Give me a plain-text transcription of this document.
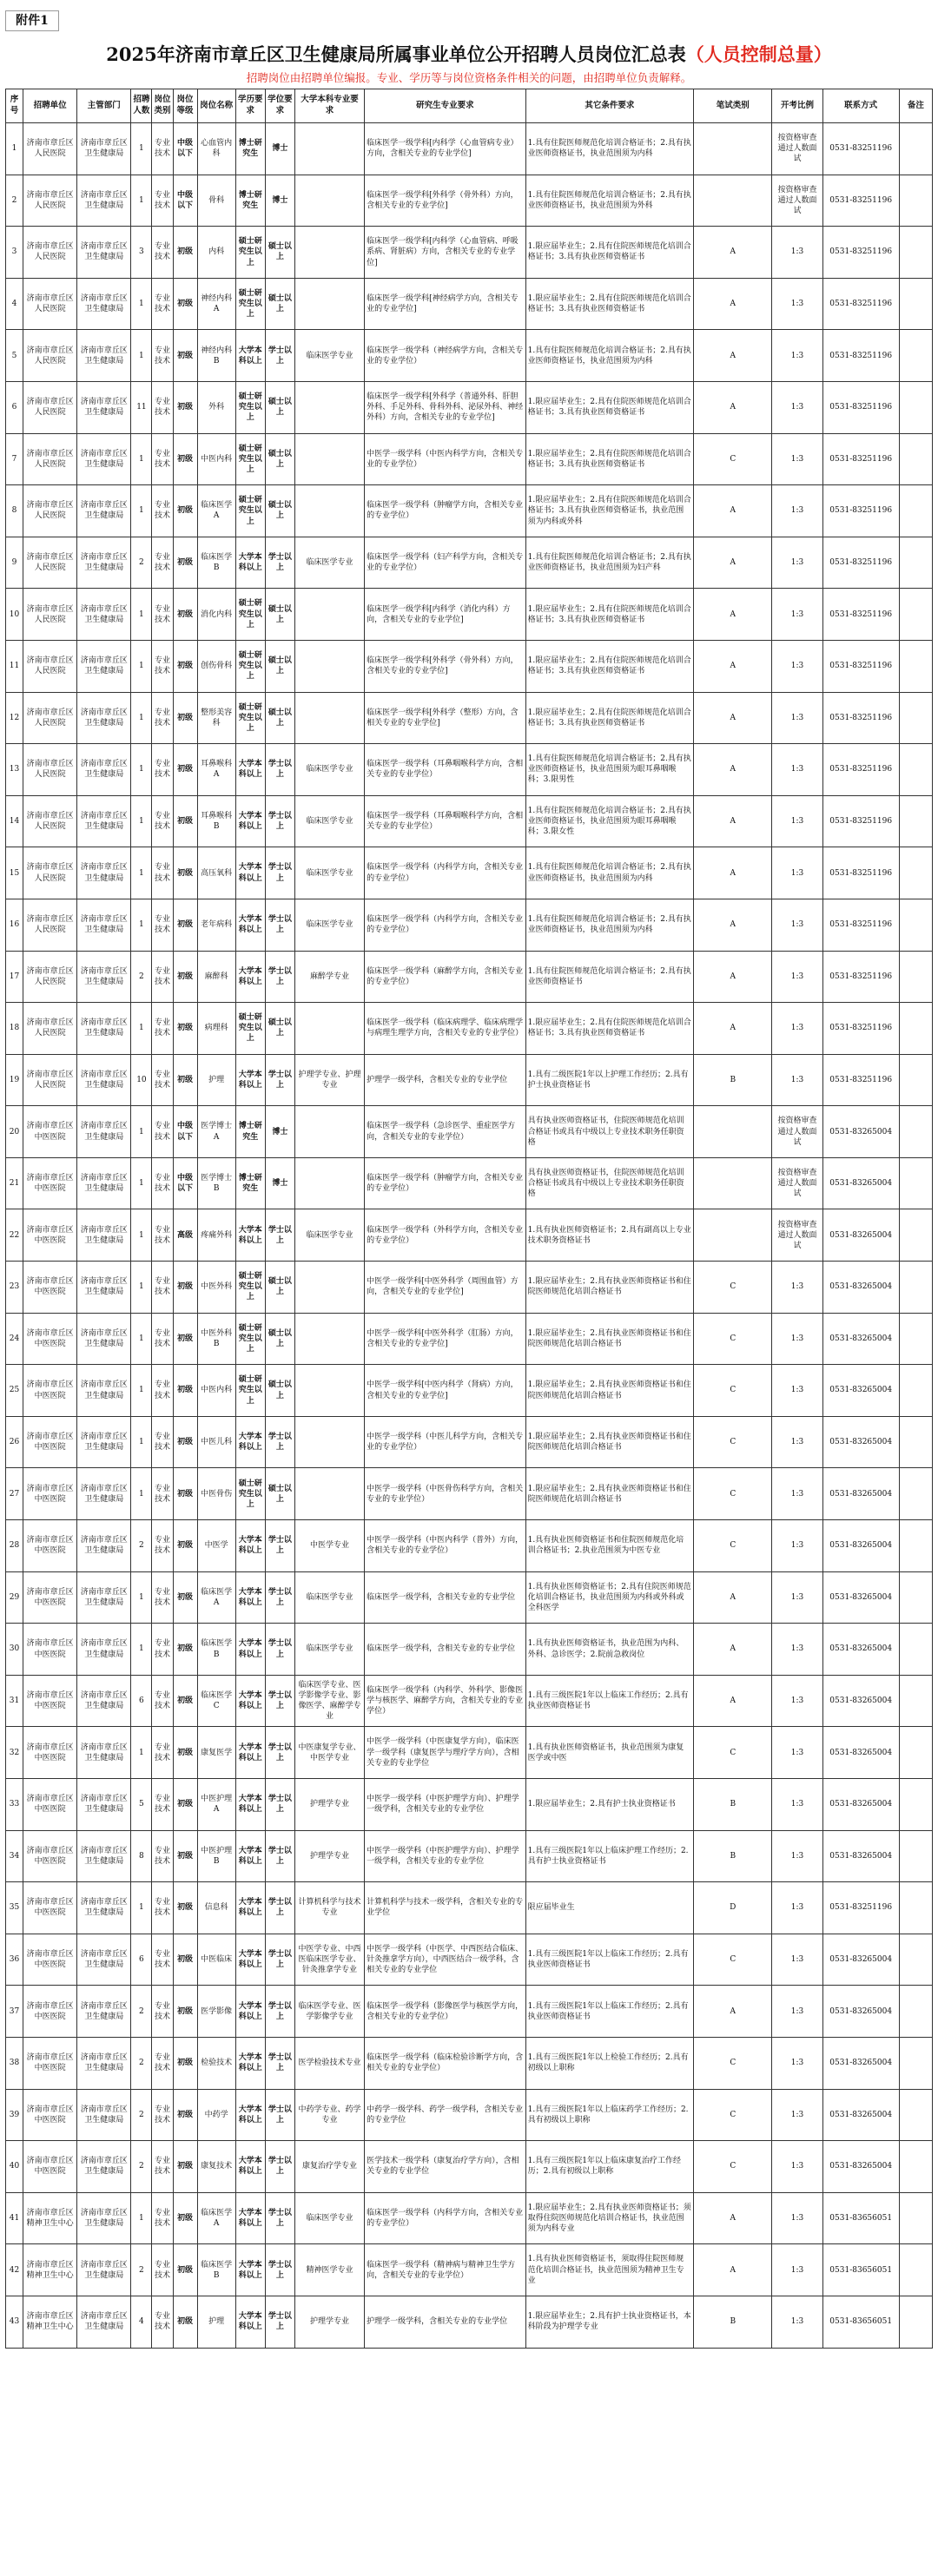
附件1
2025年济南市章丘区卫生健康局所属事业单位公开招聘人员岗位汇总表（人员控制总量）
招聘岗位由招聘单位编报。专业、学历等与岗位资格条件相关的问题，由招聘单位负责解释。
序号	招聘单位	主管部门	招聘人数	岗位类别	岗位等级	岗位名称	学历要求	学位要求	大学本科专业要求	研究生专业要求	其它条件要求	笔试类别	开考比例	联系方式	备注
1	济南市章丘区人民医院	济南市章丘区卫生健康局	1	专业技术	中级以下	心血管内科	博士研究生	博士		临床医学一级学科[内科学（心血管病专业）方向，含相关专业的专业学位]	1.具有住院医师规范化培训合格证书；2.具有执业医师资格证书，执业范围须为内科		按资格审查通过人数面试	0531-83251196	
2	济南市章丘区人民医院	济南市章丘区卫生健康局	1	专业技术	中级以下	骨科	博士研究生	博士		临床医学一级学科[外科学（骨外科）方向，含相关专业的专业学位]	1.具有住院医师规范化培训合格证书；2.具有执业医师资格证书，执业范围须为外科		按资格审查通过人数面试	0531-83251196	
3	济南市章丘区人民医院	济南市章丘区卫生健康局	3	专业技术	初级	内科	硕士研究生以上	硕士以上		临床医学一级学科[内科学（心血管病、呼吸系病、肾脏病）方向，含相关专业的专业学位]	1.限应届毕业生；2.具有住院医师规范化培训合格证书；3.具有执业医师资格证书	A	1:3	0531-83251196	
4	济南市章丘区人民医院	济南市章丘区卫生健康局	1	专业技术	初级	神经内科A	硕士研究生以上	硕士以上		临床医学一级学科[神经病学方向，含相关专业的专业学位]	1.限应届毕业生；2.具有住院医师规范化培训合格证书；3.具有执业医师资格证书	A	1:3	0531-83251196	
5	济南市章丘区人民医院	济南市章丘区卫生健康局	1	专业技术	初级	神经内科B	大学本科以上	学士以上	临床医学专业	临床医学一级学科（神经病学方向，含相关专业的专业学位）	1.具有住院医师规范化培训合格证书；2.具有执业医师资格证书，执业范围须为内科	A	1:3	0531-83251196	
6	济南市章丘区人民医院	济南市章丘区卫生健康局	11	专业技术	初级	外科	硕士研究生以上	硕士以上		临床医学一级学科[外科学（普通外科、肝胆外科、手足外科、骨科外科、泌尿外科、神经外科）方向，含相关专业的专业学位]	1.限应届毕业生；2.具有住院医师规范化培训合格证书；3.具有执业医师资格证书	A	1:3	0531-83251196	
7	济南市章丘区人民医院	济南市章丘区卫生健康局	1	专业技术	初级	中医内科	硕士研究生以上	硕士以上		中医学一级学科（中医内科学方向，含相关专业的专业学位）	1.限应届毕业生；2.具有住院医师规范化培训合格证书；3.具有执业医师资格证书	C	1:3	0531-83251196	
8	济南市章丘区人民医院	济南市章丘区卫生健康局	1	专业技术	初级	临床医学A	硕士研究生以上	硕士以上		临床医学一级学科（肿瘤学方向，含相关专业的专业学位）	1.限应届毕业生；2.具有住院医师规范化培训合格证书；3.具有执业医师资格证书，执业范围须为内科或外科	A	1:3	0531-83251196	
9	济南市章丘区人民医院	济南市章丘区卫生健康局	2	专业技术	初级	临床医学B	大学本科以上	学士以上	临床医学专业	临床医学一级学科（妇产科学方向，含相关专业的专业学位）	1.具有住院医师规范化培训合格证书；2.具有执业医师资格证书，执业范围须为妇产科	A	1:3	0531-83251196	
10	济南市章丘区人民医院	济南市章丘区卫生健康局	1	专业技术	初级	消化内科	硕士研究生以上	硕士以上		临床医学一级学科[内科学（消化内科）方向，含相关专业的专业学位]	1.限应届毕业生；2.具有住院医师规范化培训合格证书；3.具有执业医师资格证书	A	1:3	0531-83251196	
11	济南市章丘区人民医院	济南市章丘区卫生健康局	1	专业技术	初级	创伤骨科	硕士研究生以上	硕士以上		临床医学一级学科[外科学（骨外科）方向，含相关专业的专业学位]	1.限应届毕业生；2.具有住院医师规范化培训合格证书；3.具有执业医师资格证书	A	1:3	0531-83251196	
12	济南市章丘区人民医院	济南市章丘区卫生健康局	1	专业技术	初级	整形美容科	硕士研究生以上	硕士以上		临床医学一级学科[外科学（整形）方向，含相关专业的专业学位]	1.限应届毕业生；2.具有住院医师规范化培训合格证书；3.具有执业医师资格证书	A	1:3	0531-83251196	
13	济南市章丘区人民医院	济南市章丘区卫生健康局	1	专业技术	初级	耳鼻喉科A	大学本科以上	学士以上	临床医学专业	临床医学一级学科（耳鼻咽喉科学方向，含相关专业的专业学位）	1.具有住院医师规范化培训合格证书；2.具有执业医师资格证书，执业范围须为眼耳鼻咽喉科；3.限男性	A	1:3	0531-83251196	
14	济南市章丘区人民医院	济南市章丘区卫生健康局	1	专业技术	初级	耳鼻喉科B	大学本科以上	学士以上	临床医学专业	临床医学一级学科（耳鼻咽喉科学方向，含相关专业的专业学位）	1.具有住院医师规范化培训合格证书；2.具有执业医师资格证书，执业范围须为眼耳鼻咽喉科；3.限女性	A	1:3	0531-83251196	
15	济南市章丘区人民医院	济南市章丘区卫生健康局	1	专业技术	初级	高压氧科	大学本科以上	学士以上	临床医学专业	临床医学一级学科（内科学方向，含相关专业的专业学位）	1.具有住院医师规范化培训合格证书；2.具有执业医师资格证书，执业范围须为内科	A	1:3	0531-83251196	
16	济南市章丘区人民医院	济南市章丘区卫生健康局	1	专业技术	初级	老年病科	大学本科以上	学士以上	临床医学专业	临床医学一级学科（内科学方向，含相关专业的专业学位）	1.具有住院医师规范化培训合格证书；2.具有执业医师资格证书，执业范围须为内科	A	1:3	0531-83251196	
17	济南市章丘区人民医院	济南市章丘区卫生健康局	2	专业技术	初级	麻醉科	大学本科以上	学士以上	麻醉学专业	临床医学一级学科（麻醉学方向，含相关专业的专业学位）	1.具有住院医师规范化培训合格证书；2.具有执业医师资格证书	A	1:3	0531-83251196	
18	济南市章丘区人民医院	济南市章丘区卫生健康局	1	专业技术	初级	病理科	硕士研究生以上	硕士以上		临床医学一级学科（临床病理学、临床病理学与病理生理学方向，含相关专业的专业学位）	1.限应届毕业生；2.具有住院医师规范化培训合格证书；3.具有执业医师资格证书	A	1:3	0531-83251196	
19	济南市章丘区人民医院	济南市章丘区卫生健康局	10	专业技术	初级	护理	大学本科以上	学士以上	护理学专业、护理专业	护理学一级学科，含相关专业的专业学位	1.具有二级医院1年以上护理工作经历；2.具有护士执业资格证书	B	1:3	0531-83251196	
20	济南市章丘区中医医院	济南市章丘区卫生健康局	1	专业技术	中级以下	医学博士A	博士研究生	博士		临床医学一级学科（急诊医学、重症医学方向，含相关专业的专业学位）	具有执业医师资格证书，住院医师规范化培训合格证书或具有中级以上专业技术职务任职资格		按资格审查通过人数面试	0531-83265004	
21	济南市章丘区中医医院	济南市章丘区卫生健康局	1	专业技术	中级以下	医学博士B	博士研究生	博士		临床医学一级学科（肿瘤学方向，含相关专业的专业学位）	具有执业医师资格证书，住院医师规范化培训合格证书或具有中级以上专业技术职务任职资格		按资格审查通过人数面试	0531-83265004	
22	济南市章丘区中医医院	济南市章丘区卫生健康局	1	专业技术	高级	疼痛外科	大学本科以上	学士以上	临床医学专业	临床医学一级学科（外科学方向，含相关专业的专业学位）	1.具有执业医师资格证书；2.具有副高以上专业技术职务资格证书		按资格审查通过人数面试	0531-83265004	
23	济南市章丘区中医医院	济南市章丘区卫生健康局	1	专业技术	初级	中医外科	硕士研究生以上	硕士以上		中医学一级学科[中医外科学（周围血管）方向，含相关专业的专业学位]	1.限应届毕业生；2.具有执业医师资格证书和住院医师规范化培训合格证书	C	1:3	0531-83265004	
24	济南市章丘区中医医院	济南市章丘区卫生健康局	1	专业技术	初级	中医外科B	硕士研究生以上	硕士以上		中医学一级学科[中医外科学（肛肠）方向，含相关专业的专业学位]	1.限应届毕业生；2.具有执业医师资格证书和住院医师规范化培训合格证书	C	1:3	0531-83265004	
25	济南市章丘区中医医院	济南市章丘区卫生健康局	1	专业技术	初级	中医内科	硕士研究生以上	硕士以上		中医学一级学科[中医内科学（肾病）方向，含相关专业的专业学位]	1.限应届毕业生；2.具有执业医师资格证书和住院医师规范化培训合格证书	C	1:3	0531-83265004	
26	济南市章丘区中医医院	济南市章丘区卫生健康局	1	专业技术	初级	中医儿科	大学本科以上	学士以上		中医学一级学科（中医儿科学方向，含相关专业的专业学位）	1.限应届毕业生；2.具有执业医师资格证书和住院医师规范化培训合格证书	C	1:3	0531-83265004	
27	济南市章丘区中医医院	济南市章丘区卫生健康局	1	专业技术	初级	中医骨伤	硕士研究生以上	硕士以上		中医学一级学科（中医骨伤科学方向，含相关专业的专业学位）	1.限应届毕业生；2.具有执业医师资格证书和住院医师规范化培训合格证书	C	1:3	0531-83265004	
28	济南市章丘区中医医院	济南市章丘区卫生健康局	2	专业技术	初级	中医学	大学本科以上	学士以上	中医学专业	中医学一级学科（中医内科学（普外）方向，含相关专业的专业学位）	1.具有执业医师资格证书和住院医师规范化培训合格证书；2.执业范围须为中医专业	C	1:3	0531-83265004	
29	济南市章丘区中医医院	济南市章丘区卫生健康局	1	专业技术	初级	临床医学A	大学本科以上	学士以上	临床医学专业	临床医学一级学科，含相关专业的专业学位	1.具有执业医师资格证书；2.具有住院医师规范化培训合格证书，执业范围须为内科或外科或全科医学	A	1:3	0531-83265004	
30	济南市章丘区中医医院	济南市章丘区卫生健康局	1	专业技术	初级	临床医学B	大学本科以上	学士以上	临床医学专业	临床医学一级学科，含相关专业的专业学位	1.具有执业医师资格证书，执业范围为内科、外科、急诊医学；2.院前急救岗位	A	1:3	0531-83265004	
31	济南市章丘区中医医院	济南市章丘区卫生健康局	6	专业技术	初级	临床医学C	大学本科以上	学士以上	临床医学专业、医学影像学专业、影像医学、麻醉学专业	临床医学一级学科（内科学、外科学、影像医学与核医学、麻醉学方向，含相关专业的专业学位）	1.具有三级医院1年以上临床工作经历；2.具有执业医师资格证书	A	1:3	0531-83265004	
32	济南市章丘区中医医院	济南市章丘区卫生健康局	1	专业技术	初级	康复医学	大学本科以上	学士以上	中医康复学专业、中医学专业	中医学一级学科（中医康复学方向），临床医学一级学科（康复医学与理疗学方向），含相关专业的专业学位	1.具有执业医师资格证书，执业范围须为康复医学或中医	C	1:3	0531-83265004	
33	济南市章丘区中医医院	济南市章丘区卫生健康局	5	专业技术	初级	中医护理A	大学本科以上	学士以上	护理学专业	中医学一级学科（中医护理学方向）、护理学一级学科，含相关专业的专业学位	1.限应届毕业生；2.具有护士执业资格证书	B	1:3	0531-83265004	
34	济南市章丘区中医医院	济南市章丘区卫生健康局	8	专业技术	初级	中医护理B	大学本科以上	学士以上	护理学专业	中医学一级学科（中医护理学方向）、护理学一级学科，含相关专业的专业学位	1.具有三级医院1年以上临床护理工作经历；2.具有护士执业资格证书	B	1:3	0531-83265004	
35	济南市章丘区中医医院	济南市章丘区卫生健康局	1	专业技术	初级	信息科	大学本科以上	学士以上	计算机科学与技术专业	计算机科学与技术一级学科，含相关专业的专业学位	限应届毕业生	D	1:3	0531-83251196	
36	济南市章丘区中医医院	济南市章丘区卫生健康局	6	专业技术	初级	中医临床	大学本科以上	学士以上	中医学专业、中西医临床医学专业、针灸推拿学专业	中医学一级学科（中医学、中西医结合临床、针灸推拿学方向），中西医结合一级学科，含相关专业的专业学位	1.具有三级医院1年以上临床工作经历；2.具有执业医师资格证书	C	1:3	0531-83265004	
37	济南市章丘区中医医院	济南市章丘区卫生健康局	2	专业技术	初级	医学影像	大学本科以上	学士以上	临床医学专业、医学影像学专业	临床医学一级学科（影像医学与核医学方向，含相关专业的专业学位）	1.具有三级医院1年以上临床工作经历；2.具有执业医师资格证书	A	1:3	0531-83265004	
38	济南市章丘区中医医院	济南市章丘区卫生健康局	2	专业技术	初级	检验技术	大学本科以上	学士以上	医学检验技术专业	临床医学一级学科（临床检验诊断学方向，含相关专业的专业学位）	1.具有三级医院1年以上检验工作经历；2.具有初级以上职称	C	1:3	0531-83265004	
39	济南市章丘区中医医院	济南市章丘区卫生健康局	2	专业技术	初级	中药学	大学本科以上	学士以上	中药学专业、药学专业	中药学一级学科、药学一级学科，含相关专业的专业学位	1.具有三级医院1年以上临床药学工作经历；2.具有初级以上职称	C	1:3	0531-83265004	
40	济南市章丘区中医医院	济南市章丘区卫生健康局	2	专业技术	初级	康复技术	大学本科以上	学士以上	康复治疗学专业	医学技术一级学科（康复治疗学方向），含相关专业的专业学位	1.具有三级医院1年以上临床康复治疗工作经历；2.具有初级以上职称	C	1:3	0531-83265004	
41	济南市章丘区精神卫生中心	济南市章丘区卫生健康局	1	专业技术	初级	临床医学A	大学本科以上	学士以上	临床医学专业	临床医学一级学科（内科学方向，含相关专业的专业学位）	1.限应届毕业生；2.具有执业医师资格证书；须取得住院医师规范化培训合格证书，执业范围须为内科专业	A	1:3	0531-83656051	
42	济南市章丘区精神卫生中心	济南市章丘区卫生健康局	2	专业技术	初级	临床医学B	大学本科以上	学士以上	精神医学专业	临床医学一级学科（精神病与精神卫生学方向，含相关专业的专业学位）	1.具有执业医师资格证书，须取得住院医师规范化培训合格证书，执业范围须为精神卫生专业	A	1:3	0531-83656051	
43	济南市章丘区精神卫生中心	济南市章丘区卫生健康局	4	专业技术	初级	护理	大学本科以上	学士以上	护理学专业	护理学一级学科，含相关专业的专业学位	1.限应届毕业生；2.具有护士执业资格证书，本科阶段为护理学专业	B	1:3	0531-83656051	
